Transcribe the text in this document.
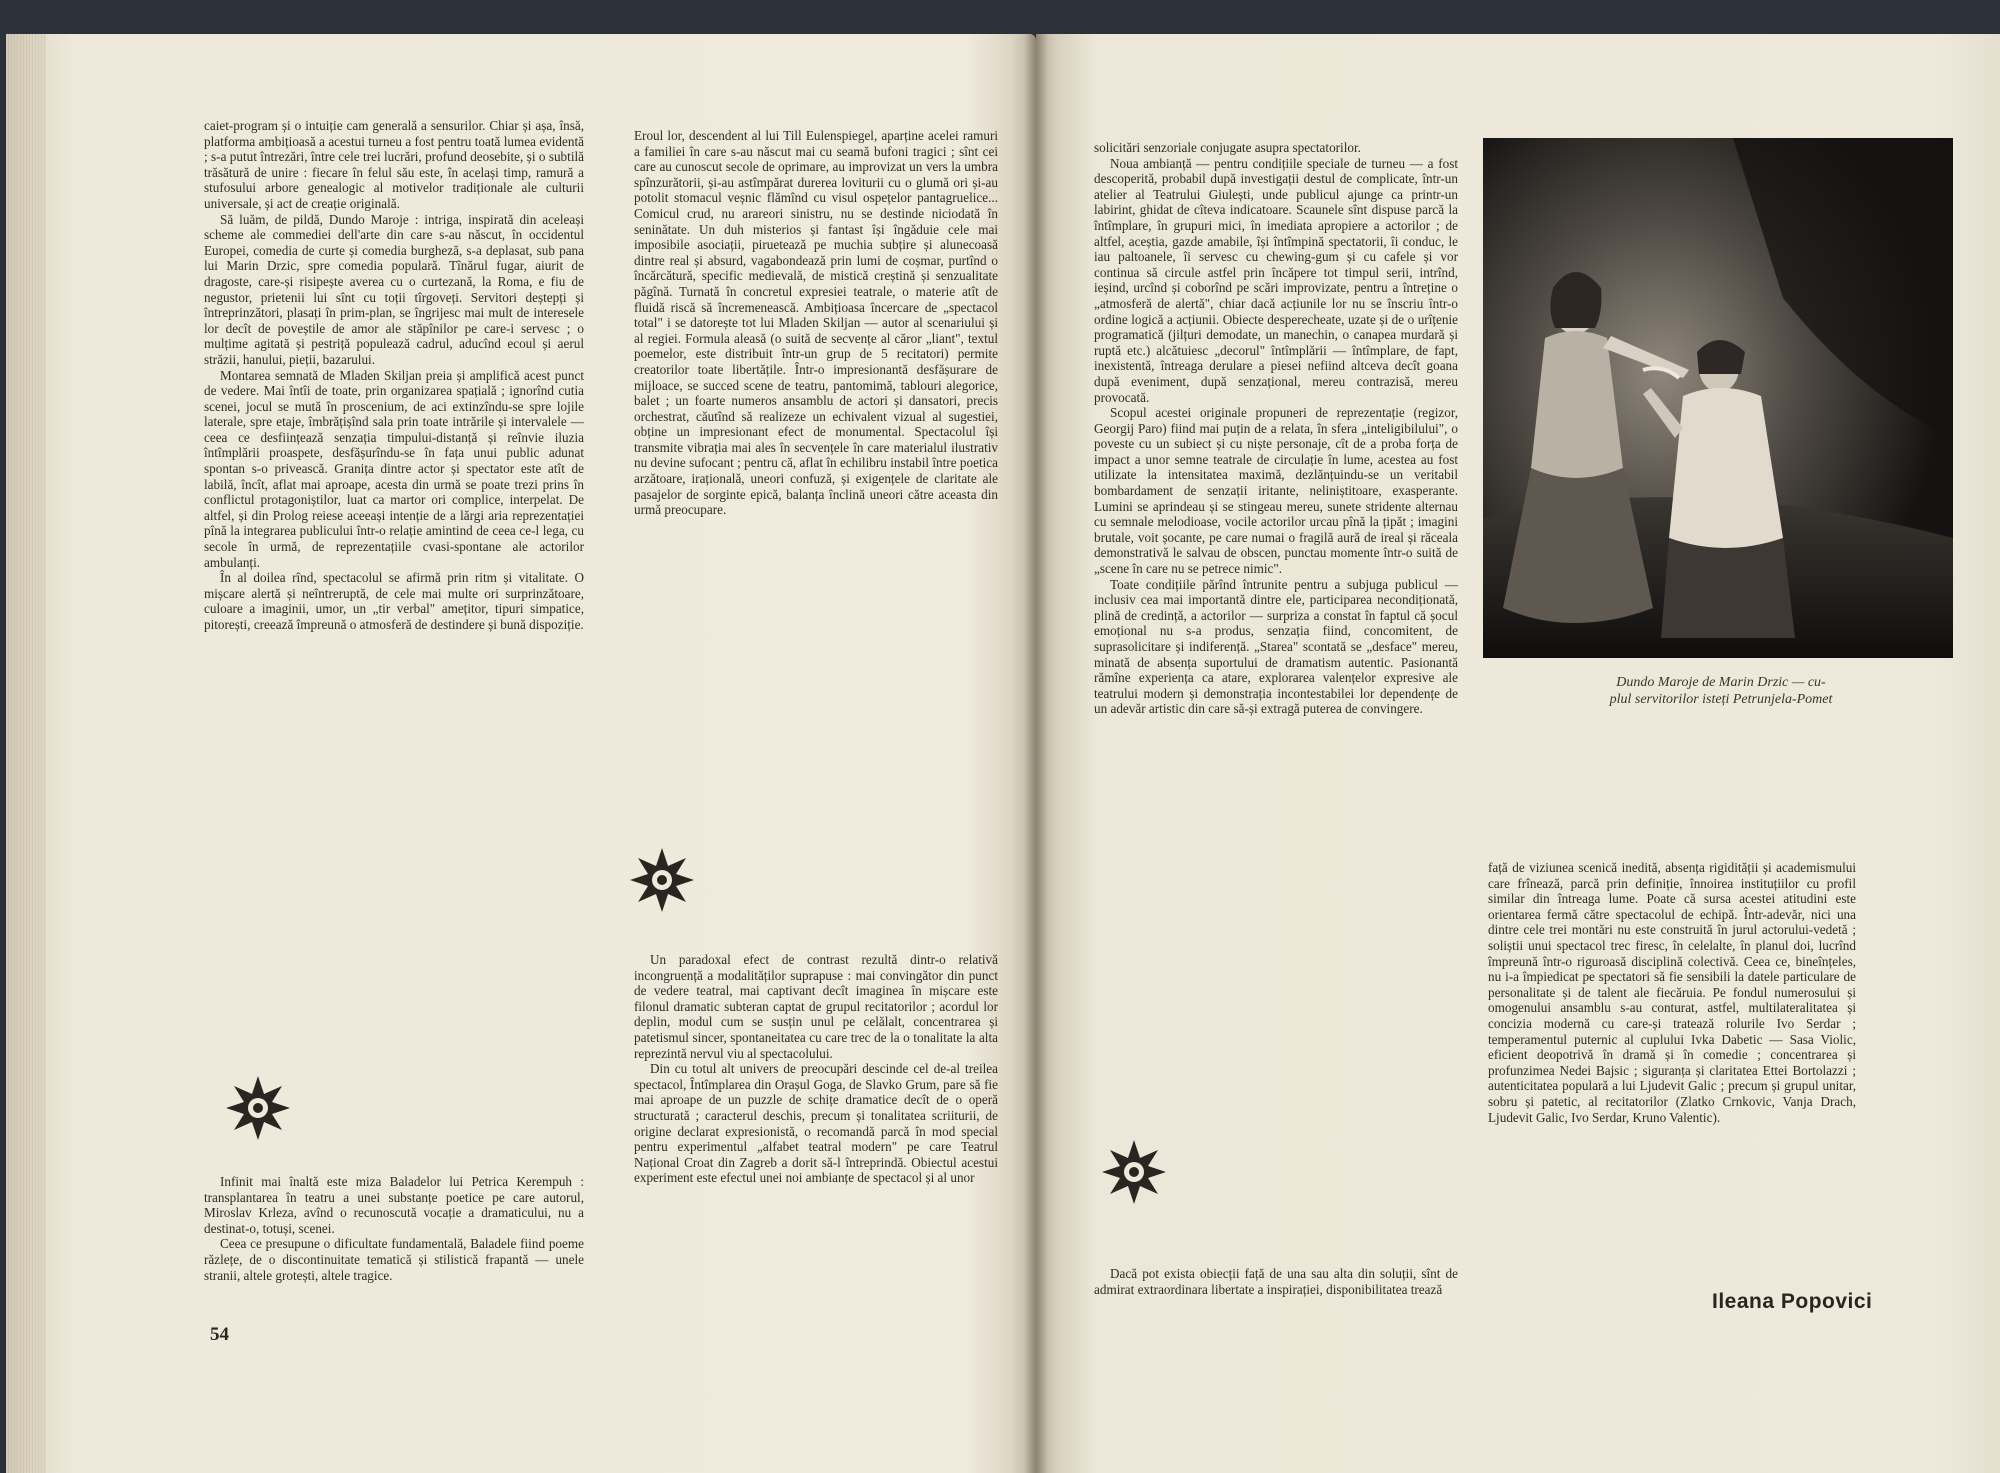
caiet-program și o intuiție cam generală a sensurilor. Chiar și așa, însă, platforma ambițioasă a acestui turneu a fost pentru toată lumea evidentă ; s-a putut întrezări, între cele trei lucrări, profund deosebite, și o subtilă trăsătură de unire : fiecare în felul său este, în același timp, ramură a stufosului arbore genealogic al motivelor tradiționale ale culturii universale, și act de creație originală.

Să luăm, de pildă, Dundo Maroje : intriga, inspirată din aceleași scheme ale commediei dell'arte din care s-au născut, în occidentul Europei, comedia de curte și comedia burgheză, s-a deplasat, sub pana lui Marin Drzic, spre comedia populară. Tînărul fugar, aiurit de dragoste, care-și risipește averea cu o curtezană, la Roma, e fiu de negustor, prietenii lui sînt cu toții tîrgoveți. Servitori deștepți și întreprinzători, plasați în prim-plan, se îngrijesc mai mult de interesele lor decît de poveștile de amor ale stăpînilor pe care-i servesc ; o mulțime agitată și pestriță populează cadrul, aducînd ecoul și aerul străzii, hanului, pieții, bazarului.

Montarea semnată de Mladen Skiljan preia și amplifică acest punct de vedere. Mai întîi de toate, prin organizarea spațială ; ignorînd cutia scenei, jocul se mută în proscenium, de aci extinzîndu-se spre lojile laterale, spre etaje, îmbrățișînd sala prin toate intrările și intervalele — ceea ce desființează senzația timpului-distanță și reînvie iluzia întîmplării proaspete, desfășurîndu-se în fața unui public adunat spontan s-o privească. Granița dintre actor și spectator este atît de labilă, încît, aflat mai aproape, acesta din urmă se poate trezi prins în conflictul protagoniștilor, luat ca martor ori complice, interpelat. De altfel, și din Prolog reiese aceeași intenție de a lărgi aria reprezentației pînă la integrarea publicului într-o relație amintind de ceea ce-l lega, cu secole în urmă, de reprezentațiile cvasi-spontane ale actorilor ambulanți.

În al doilea rînd, spectacolul se afirmă prin ritm și vitalitate. O mișcare alertă și neîntreruptă, de cele mai multe ori surprinzătoare, culoare a imaginii, umor, un „tir verbal" amețitor, tipuri simpatice, pitorești, creează împreună o atmosferă de destindere și bună dispoziție.

Infinit mai înaltă este miza Baladelor lui Petrica Kerempuh : transplantarea în teatru a unei substanțe poetice pe care autorul, Miroslav Krleza, avînd o recunoscută vocație a dramaticului, nu a destinat-o, totuși, scenei.

Ceea ce presupune o dificultate fundamentală, Baladele fiind poeme răzlețe, de o discontinuitate tematică și stilistică frapantă — unele stranii, altele grotești, altele tragice.

Eroul lor, descendent al lui Till Eulenspiegel, aparține acelei ramuri a familiei în care s-au născut mai cu seamă bufoni tragici ; sînt cei care au cunoscut secole de oprimare, au improvizat un vers la umbra spînzurătorii, și-au astîmpărat durerea loviturii cu o glumă ori și-au potolit stomacul veșnic flămînd cu visul ospețelor pantagruelice... Comicul crud, nu arareori sinistru, nu se destinde niciodată în seninătate. Un duh misterios și fantast își îngăduie cele mai imposibile asociații, piruetează pe muchia subțire și alunecoasă dintre real și absurd, vagabondează prin lumi de coșmar, purtînd o încărcătură, specific medievală, de mistică creștină și senzualitate păgînă. Turnată în concretul expresiei teatrale, o materie atît de fluidă riscă să încremenească. Ambițioasa încercare de „spectacol total" i se datorește tot lui Mladen Skiljan — autor al scenariului și al regiei. Formula aleasă (o suită de secvențe al căror „liant", textul poemelor, este distribuit într-un grup de 5 recitatori) permite creatorilor toate libertățile. Într-o impresionantă desfășurare de mijloace, se succed scene de teatru, pantomimă, tablouri alegorice, balet ; un foarte numeros ansamblu de actori și dansatori, precis orchestrat, căutînd să realizeze un echivalent vizual al sugestiei, obține un impresionant efect de monumental. Spectacolul își transmite vibrația mai ales în secvențele în care materialul ilustrativ nu devine sufocant ; pentru că, aflat în echilibru instabil între poetica arzătoare, irațională, uneori confuză, și exigențele de claritate ale pasajelor de sorginte epică, balanța înclină uneori către aceasta din urmă preocupare.

Un paradoxal efect de contrast rezultă dintr-o relativă incongruență a modalităților suprapuse : mai convingător din punct de vedere teatral, mai captivant decît imaginea în mișcare este filonul dramatic subteran captat de grupul recitatorilor ; acordul lor deplin, modul cum se susțin unul pe celălalt, concentrarea și patetismul sincer, spontaneitatea cu care trec de la o tonalitate la alta reprezintă nervul viu al spectacolului.

Din cu totul alt univers de preocupări descinde cel de-al treilea spectacol, Întîmplarea din Orașul Goga, de Slavko Grum, pare să fie mai aproape de un puzzle de schițe dramatice decît de o operă structurată ; caracterul deschis, precum și tonalitatea scriiturii, de origine declarat expresionistă, o recomandă parcă în mod special pentru experimentul „alfabet teatral modern" pe care Teatrul Național Croat din Zagreb a dorit să-l întreprindă. Obiectul acestui experiment este efectul unei noi ambianțe de spectacol și al unor

54

solicitări senzoriale conjugate asupra spectatorilor.

Noua ambianță — pentru condițiile speciale de turneu — a fost descoperită, probabil după investigații destul de complicate, într-un atelier al Teatrului Giulești, unde publicul ajunge ca printr-un labirint, ghidat de cîteva indicatoare. Scaunele sînt dispuse parcă la întîmplare, în grupuri mici, în imediata apropiere a actorilor ; de altfel, aceștia, gazde amabile, își întîmpină spectatorii, îi conduc, le iau paltoanele, îi servesc cu chewing-gum și cu cafele și vor continua să circule astfel prin încăpere tot timpul serii, intrînd, ieșind, urcînd și coborînd pe scări improvizate, pentru a întreține o „atmosferă de alertă", chiar dacă acțiunile lor nu se înscriu într-o ordine logică a acțiunii. Obiecte desperecheate, uzate și de o urîțenie programatică (jilțuri demodate, un manechin, o canapea murdară și ruptă etc.) alcătuiesc „decorul" întîmplării — întîmplare, de fapt, inexistentă, întreaga derulare a piesei nefiind altceva decît goana după eveniment, după senzațional, mereu contrazisă, mereu provocată.

Scopul acestei originale propuneri de reprezentație (regizor, Georgij Paro) fiind mai puțin de a relata, în sfera „inteligibilului", o poveste cu un subiect și cu niște personaje, cît de a proba forța de impact a unor semne teatrale de circulație în lume, acestea au fost utilizate la intensitatea maximă, dezlănțuindu-se un veritabil bombardament de senzații iritante, neliniștitoare, exasperante. Lumini se aprindeau și se stingeau mereu, sunete stridente alternau cu semnale melodioase, vocile actorilor urcau pînă la țipăt ; imagini brutale, voit șocante, pe care numai o fragilă aură de ireal și răceala demonstrativă le salvau de obscen, punctau momente într-o suită de „scene în care nu se petrece nimic".

Toate condițiile părînd întrunite pentru a subjuga publicul — inclusiv cea mai importantă dintre ele, participarea necondiționată, plină de credință, a actorilor — surpriza a constat în faptul că șocul emoțional nu s-a produs, senzația fiind, concomitent, de suprasolicitare și indiferență. „Starea" scontată se „desface" mereu, minată de absența suportului de dramatism autentic. Pasionantă rămîne experiența ca atare, explorarea valențelor expresive ale teatrului modern și demonstrația incontestabilei lor dependențe de un adevăr artistic din care să-și extragă puterea de convingere.

Dacă pot exista obiecții față de una sau alta din soluții, sînt de admirat extraordinara libertate a inspirației, disponibilitatea trează

Dundo Maroje de Marin Drzic — cu-
plul servitorilor isteți Petrunjela-Pomet

față de viziunea scenică inedită, absența rigidității și academismului care frînează, parcă prin definiție, înnoirea instituțiilor cu profil similar din întreaga lume. Poate că sursa acestei atitudini este orientarea fermă către spectacolul de echipă. Într-adevăr, nici una dintre cele trei montări nu este construită în jurul actorului-vedetă ; soliștii unui spectacol trec firesc, în celelalte, în planul doi, lucrînd împreună într-o riguroasă disciplină colectivă. Ceea ce, bineînțeles, nu i-a împiedicat pe spectatori să fie sensibili la datele particulare de personalitate și de talent ale fiecăruia. Pe fondul numerosului și omogenului ansamblu s-au conturat, astfel, multilateralitatea și concizia modernă cu care-și tratează rolurile Ivo Serdar ; temperamentul puternic al cuplului Ivka Dabetic — Sasa Violic, eficient deopotrivă în dramă și în comedie ; concentrarea și profunzimea Nedei Bajsic ; siguranța și claritatea Ettei Bortolazzi ; autenticitatea populară a lui Ljudevit Galic ; precum și grupul unitar, sobru și patetic, al recitatorilor (Zlatko Crnkovic, Vanja Drach, Ljudevit Galic, Ivo Serdar, Kruno Valentic).

Ileana Popovici
